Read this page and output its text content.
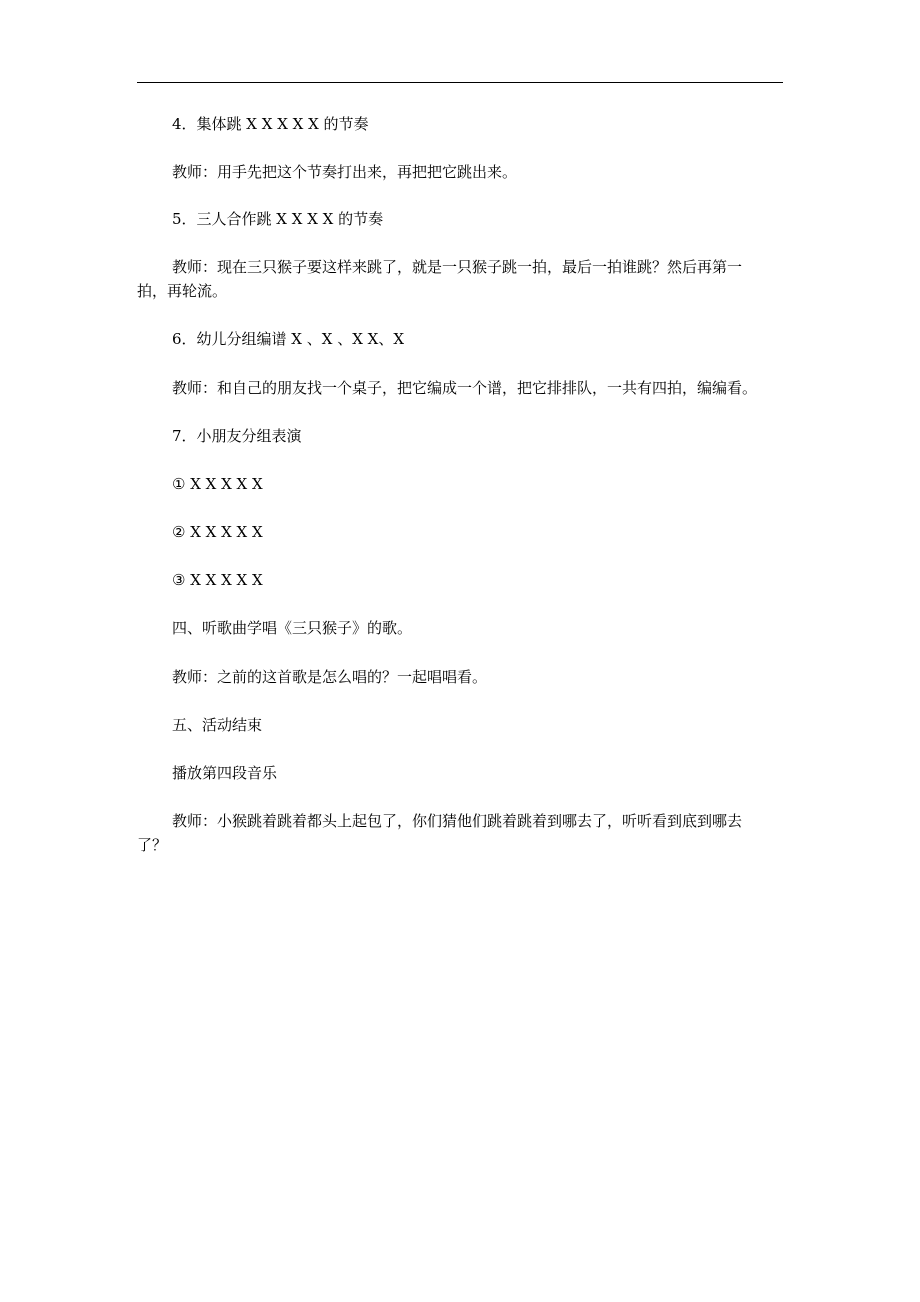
4．集体跳 X X X X X 的节奏
教师：用手先把这个节奏打出来，再把把它跳出来。
5．三人合作跳 X X X X 的节奏
教师：现在三只猴子要这样来跳了，就是一只猴子跳一拍，最后一拍谁跳？然后再第一
拍，再轮流。
6．幼儿分组编谱 X 、X 、X X、X
教师：和自己的朋友找一个桌子，把它编成一个谱，把它排排队，一共有四拍，编编看。
7．小朋友分组表演
① X X X X X
② X X X X X
③ X X X X X
四、听歌曲学唱《三只猴子》的歌。
教师：之前的这首歌是怎么唱的？一起唱唱看。
五、活动结束
播放第四段音乐
教师：小猴跳着跳着都头上起包了，你们猜他们跳着跳着到哪去了，听听看到底到哪去
了？
